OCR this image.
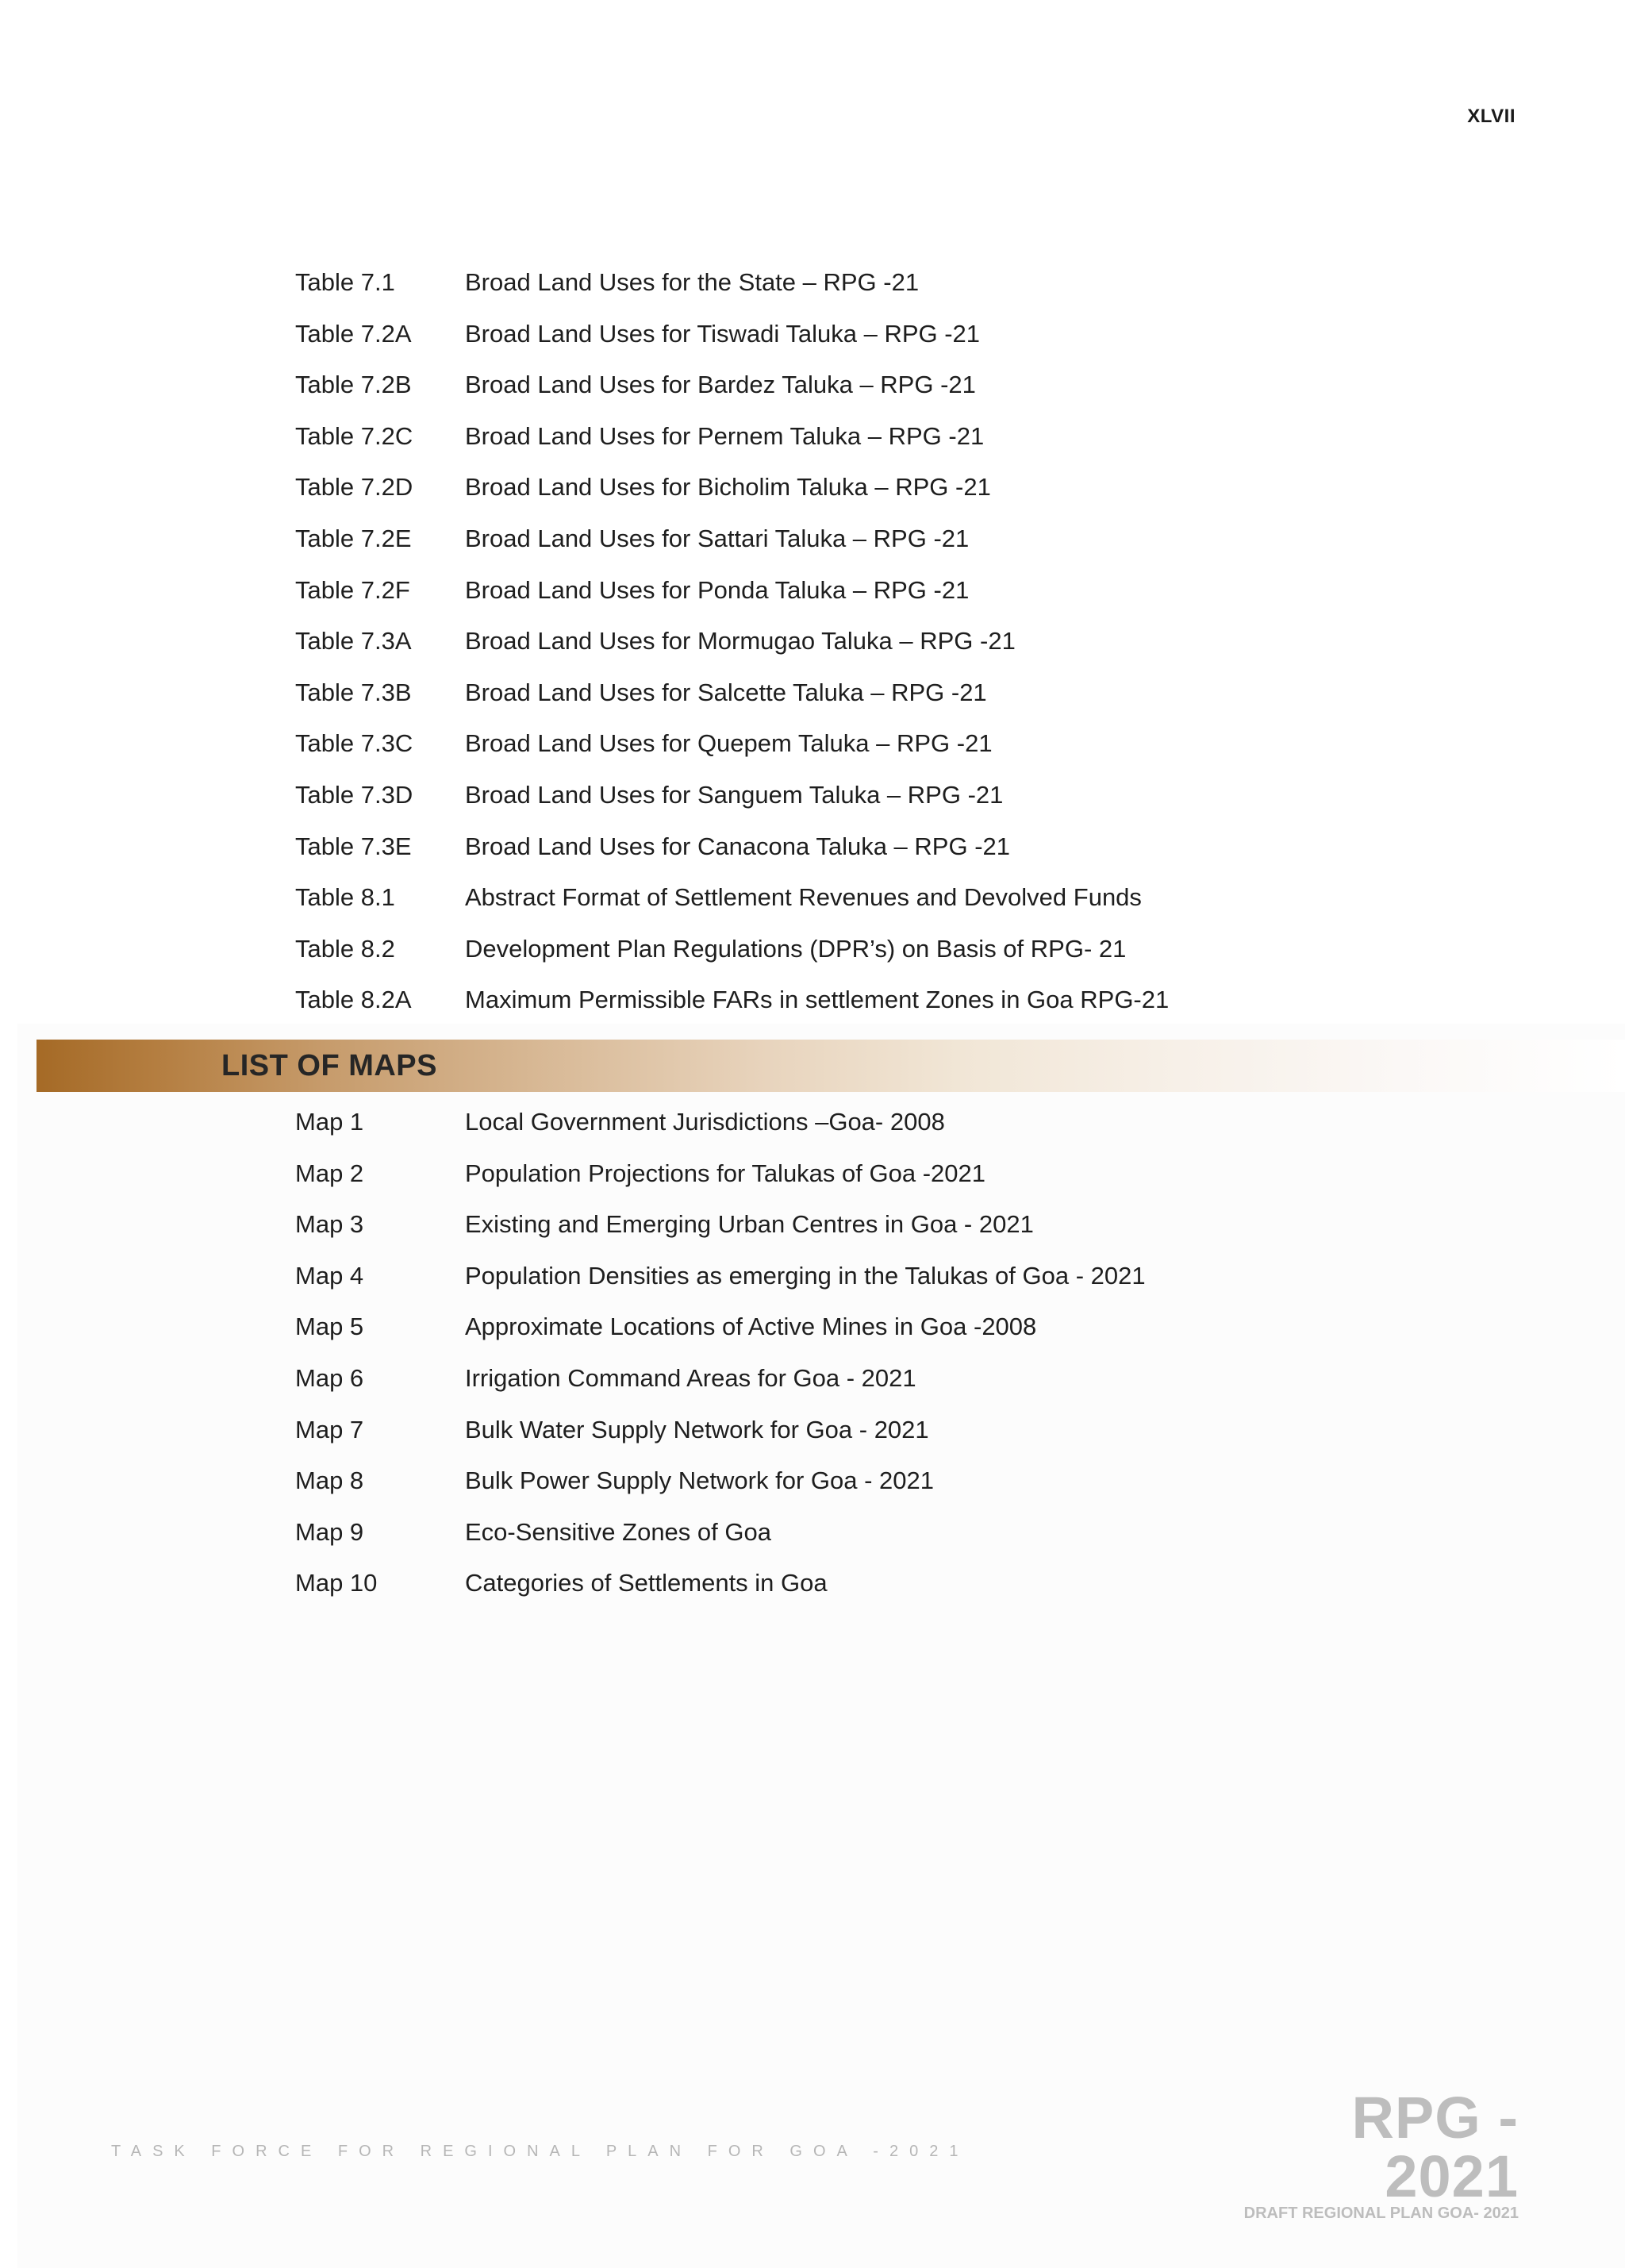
XLVII
Table 7.1	Broad Land Uses for the State – RPG -21
Table 7.2A	Broad Land Uses for Tiswadi Taluka – RPG -21
Table 7.2B	Broad Land Uses for Bardez Taluka – RPG -21
Table 7.2C	Broad Land Uses for Pernem Taluka – RPG -21
Table 7.2D	Broad Land Uses for Bicholim Taluka – RPG -21
Table 7.2E	Broad Land Uses for Sattari Taluka – RPG -21
Table 7.2F	Broad Land Uses for Ponda Taluka – RPG -21
Table 7.3A	Broad Land Uses for Mormugao Taluka – RPG -21
Table 7.3B	Broad Land Uses for Salcette Taluka – RPG -21
Table 7.3C	Broad Land Uses for Quepem Taluka – RPG -21
Table 7.3D	Broad Land Uses for Sanguem Taluka – RPG -21
Table 7.3E	Broad Land Uses for Canacona Taluka – RPG -21
Table 8.1	Abstract Format of Settlement Revenues and Devolved Funds
Table 8.2	Development Plan Regulations (DPR’s) on Basis of RPG- 21
Table 8.2A	Maximum Permissible FARs in settlement Zones in Goa RPG-21
LIST OF MAPS
Map 1	Local Government Jurisdictions –Goa- 2008
Map 2	Population Projections for Talukas of Goa -2021
Map 3	Existing and Emerging Urban Centres in Goa - 2021
Map 4	Population Densities as emerging in the Talukas of Goa - 2021
Map 5	Approximate Locations of Active Mines in Goa -2008
Map 6	Irrigation Command Areas for Goa - 2021
Map 7	Bulk Water Supply Network for Goa - 2021
Map 8	Bulk Power Supply Network for Goa - 2021
Map 9	Eco-Sensitive Zones of Goa
Map 10	Categories of Settlements in Goa
TASK FORCE FOR REGIONAL PLAN FOR GOA -2021
RPG - 2021
DRAFT REGIONAL PLAN GOA- 2021
